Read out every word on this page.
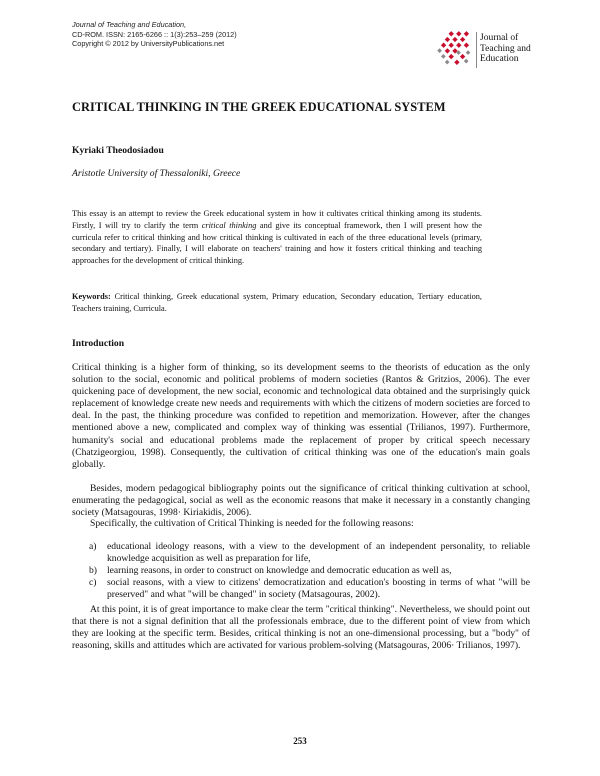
Journal of Teaching and Education,
CD-ROM. ISSN: 2165-6266 :: 1(3):253–259 (2012)
Copyright © 2012 by UniversityPublications.net
Journal of
Teaching and
Education
CRITICAL THINKING IN THE GREEK EDUCATIONAL SYSTEM
Kyriaki Theodosiadou
Aristotle University of Thessaloniki, Greece

This essay is an attempt to review the Greek educational system in how it cultivates critical thinking among its students. Firstly, I will try to clarify the term critical thinking and give its conceptual framework, then I will present how the curricula refer to critical thinking and how critical thinking is cultivated in each of the three educational levels (primary, secondary and tertiary). Finally, I will elaborate on teachers' training and how it fosters critical thinking and teaching approaches for the development of critical thinking.

Keywords: Critical thinking, Greek educational system, Primary education, Secondary education, Tertiary education, Teachers training, Curricula.

Introduction

Critical thinking is a higher form of thinking, so its development seems to the theorists of education as the only solution to the social, economic and political problems of modern societies (Rantos & Gritzios, 2006). The ever quickening pace of development, the new social, economic and technological data obtained and the surprisingly quick replacement of knowledge create new needs and requirements with which the citizens of modern societies are forced to deal. In the past, the thinking procedure was confided to repetition and memorization. However, after the changes mentioned above a new, complicated and complex way of thinking was essential (Trilianos, 1997). Furthermore, humanity's social and educational problems made the replacement of proper by critical speech necessary (Chatzigeorgiou, 1998). Consequently, the cultivation of critical thinking was one of the education's main goals globally.

Besides, modern pedagogical bibliography points out the significance of critical thinking cultivation at school, enumerating the pedagogical, social as well as the economic reasons that make it necessary in a constantly changing society (Matsagouras, 1998· Kiriakidis, 2006).

Specifically, the cultivation of Critical Thinking is needed for the following reasons:

a) educational ideology reasons, with a view to the development of an independent personality, to reliable knowledge acquisition as well as preparation for life,
b) learning reasons, in order to construct on knowledge and democratic education as well as,
c) social reasons, with a view to citizens' democratization and education's boosting in terms of what "will be preserved" and what "will be changed" in society (Matsagouras, 2002).

At this point, it is of great importance to make clear the term "critical thinking". Nevertheless, we should point out that there is not a signal definition that all the professionals embrace, due to the different point of view from which they are looking at the specific term. Besides, critical thinking is not an one-dimensional processing, but a "body" of reasoning, skills and attitudes which are activated for various problem-solving (Matsagouras, 2006· Trilianos, 1997).

253
